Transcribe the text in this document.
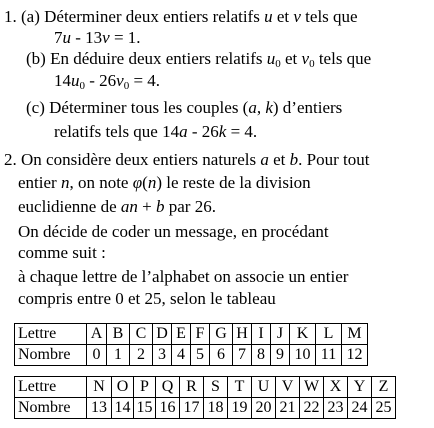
1. (a) Déterminer deux entiers relatifs u et v tels que
7u - 13v = 1.
(b) En déduire deux entiers relatifs $u_0$ et $v_0$ tels que
$14u_0 - 26v_0 = 4$.
(c) Déterminer tous les couples (a, k) d’entiers
relatifs tels que 14a - 26k = 4.
2. On considère deux entiers naturels a et b. Pour tout
entier n, on note φ(n) le reste de la division
euclidienne de an + b par 26.
On décide de coder un message, en procédant
comme suit :
à chaque lettre de l’alphabet on associe un entier
compris entre 0 et 25, selon le tableau
Lettre	A	B	C	D	E	F	G	H	I	J	K	L	M
Nombre	0	1	2	3	4	5	6	7	8	9	10	11	12
Lettre	N	O	P	Q	R	S	T	U	V	W	X	Y	Z
Nombre	13	14	15	16	17	18	19	20	21	22	23	24	25
